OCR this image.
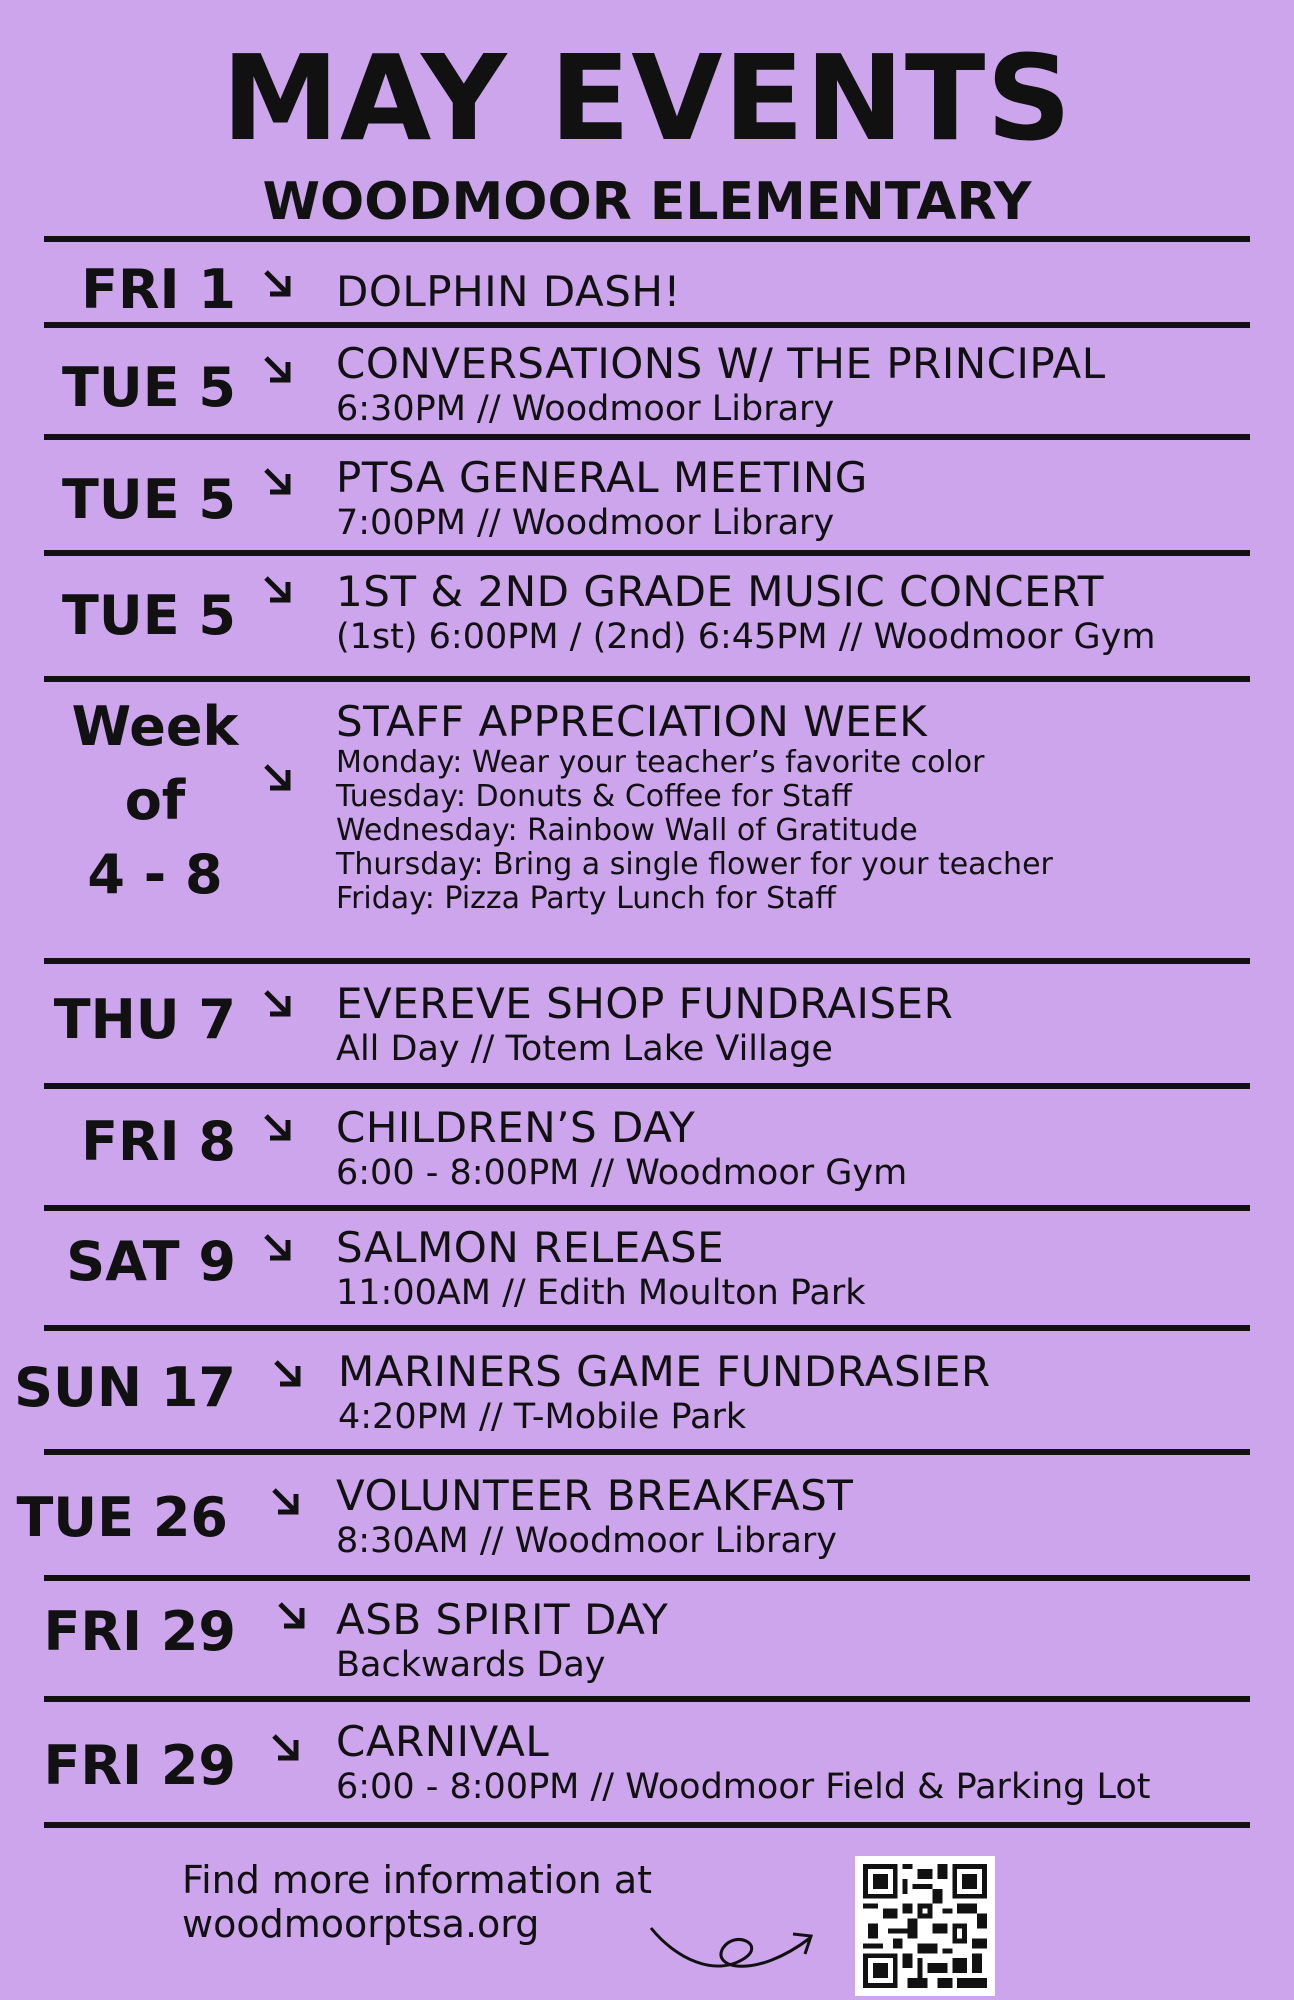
MAY EVENTS
WOODMOOR ELEMENTARY
FRI 1 DOLPHIN DASH!
TUE 5 CONVERSATIONS W/ THE PRINCIPAL
6:30PM // Woodmoor Library
TUE 5 PTSA GENERAL MEETING
7:00PM // Woodmoor Library
TUE 5 1ST & 2ND GRADE MUSIC CONCERT
(1st) 6:00PM / (2nd) 6:45PM // Woodmoor Gym
Week
of
4 - 8
STAFF APPRECIATION WEEK
Monday: Wear your teacher’s favorite color
Tuesday: Donuts & Coffee for Staff
Wednesday: Rainbow Wall of Gratitude
Thursday: Bring a single flower for your teacher
Friday: Pizza Party Lunch for Staff
THU 7 EVEREVE SHOP FUNDRAISER
All Day // Totem Lake Village
FRI 8 CHILDREN’S DAY
6:00 - 8:00PM // Woodmoor Gym
SAT 9 SALMON RELEASE
11:00AM // Edith Moulton Park
SUN 17 MARINERS GAME FUNDRASIER
4:20PM // T-Mobile Park
TUE 26	VOLUNTEER BREAKFAST
8:30AM // Woodmoor Library
FRI 29 ASB SPIRIT DAY
Backwards Day
FRI 29 CARNIVAL
6:00 - 8:00PM // Woodmoor Field & Parking Lot
Find more information at
woodmoorptsa.org
